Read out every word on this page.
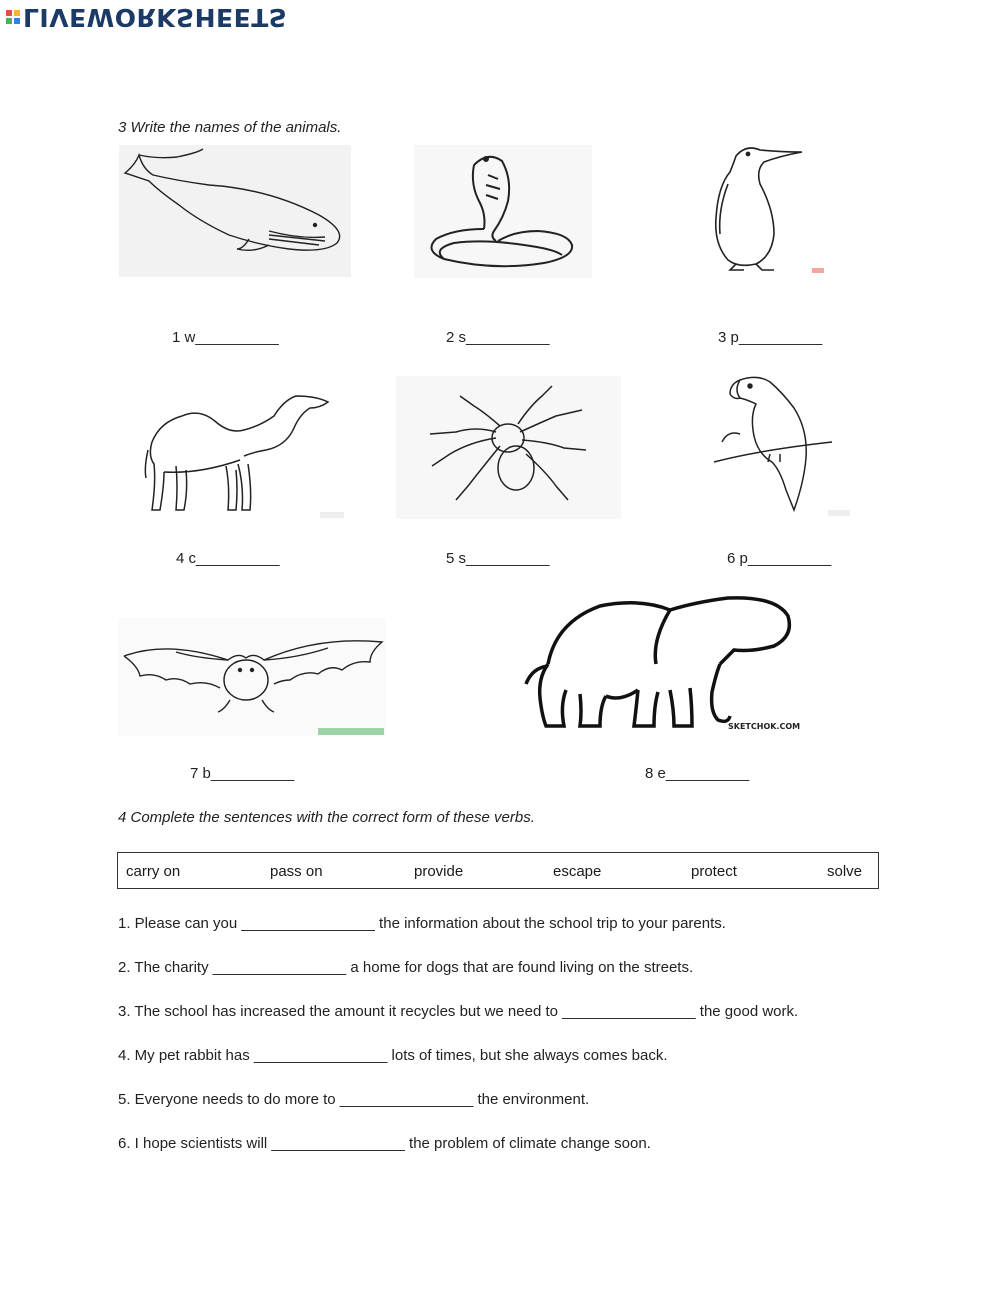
LIVEWORKSHEETS
3 Write the names of the animals.
1 w__________	2 s__________	3 p__________
4 c__________	5 s__________	6 p__________
SKETCHOK.COM
7 b__________	8 e__________
4 Complete the sentences with the correct form of these verbs.
carry on	pass on	provide	escape	protect	solve
1. Please can you ________________ the information about the school trip to your parents.
2. The charity ________________ a home for dogs that are found living on the streets.
3. The school has increased the amount it recycles but we need to ________________ the good work.
4. My pet rabbit has ________________ lots of times, but she always comes back.
5. Everyone needs to do more to ________________ the environment.
6. I hope scientists will ________________ the problem of climate change soon.
